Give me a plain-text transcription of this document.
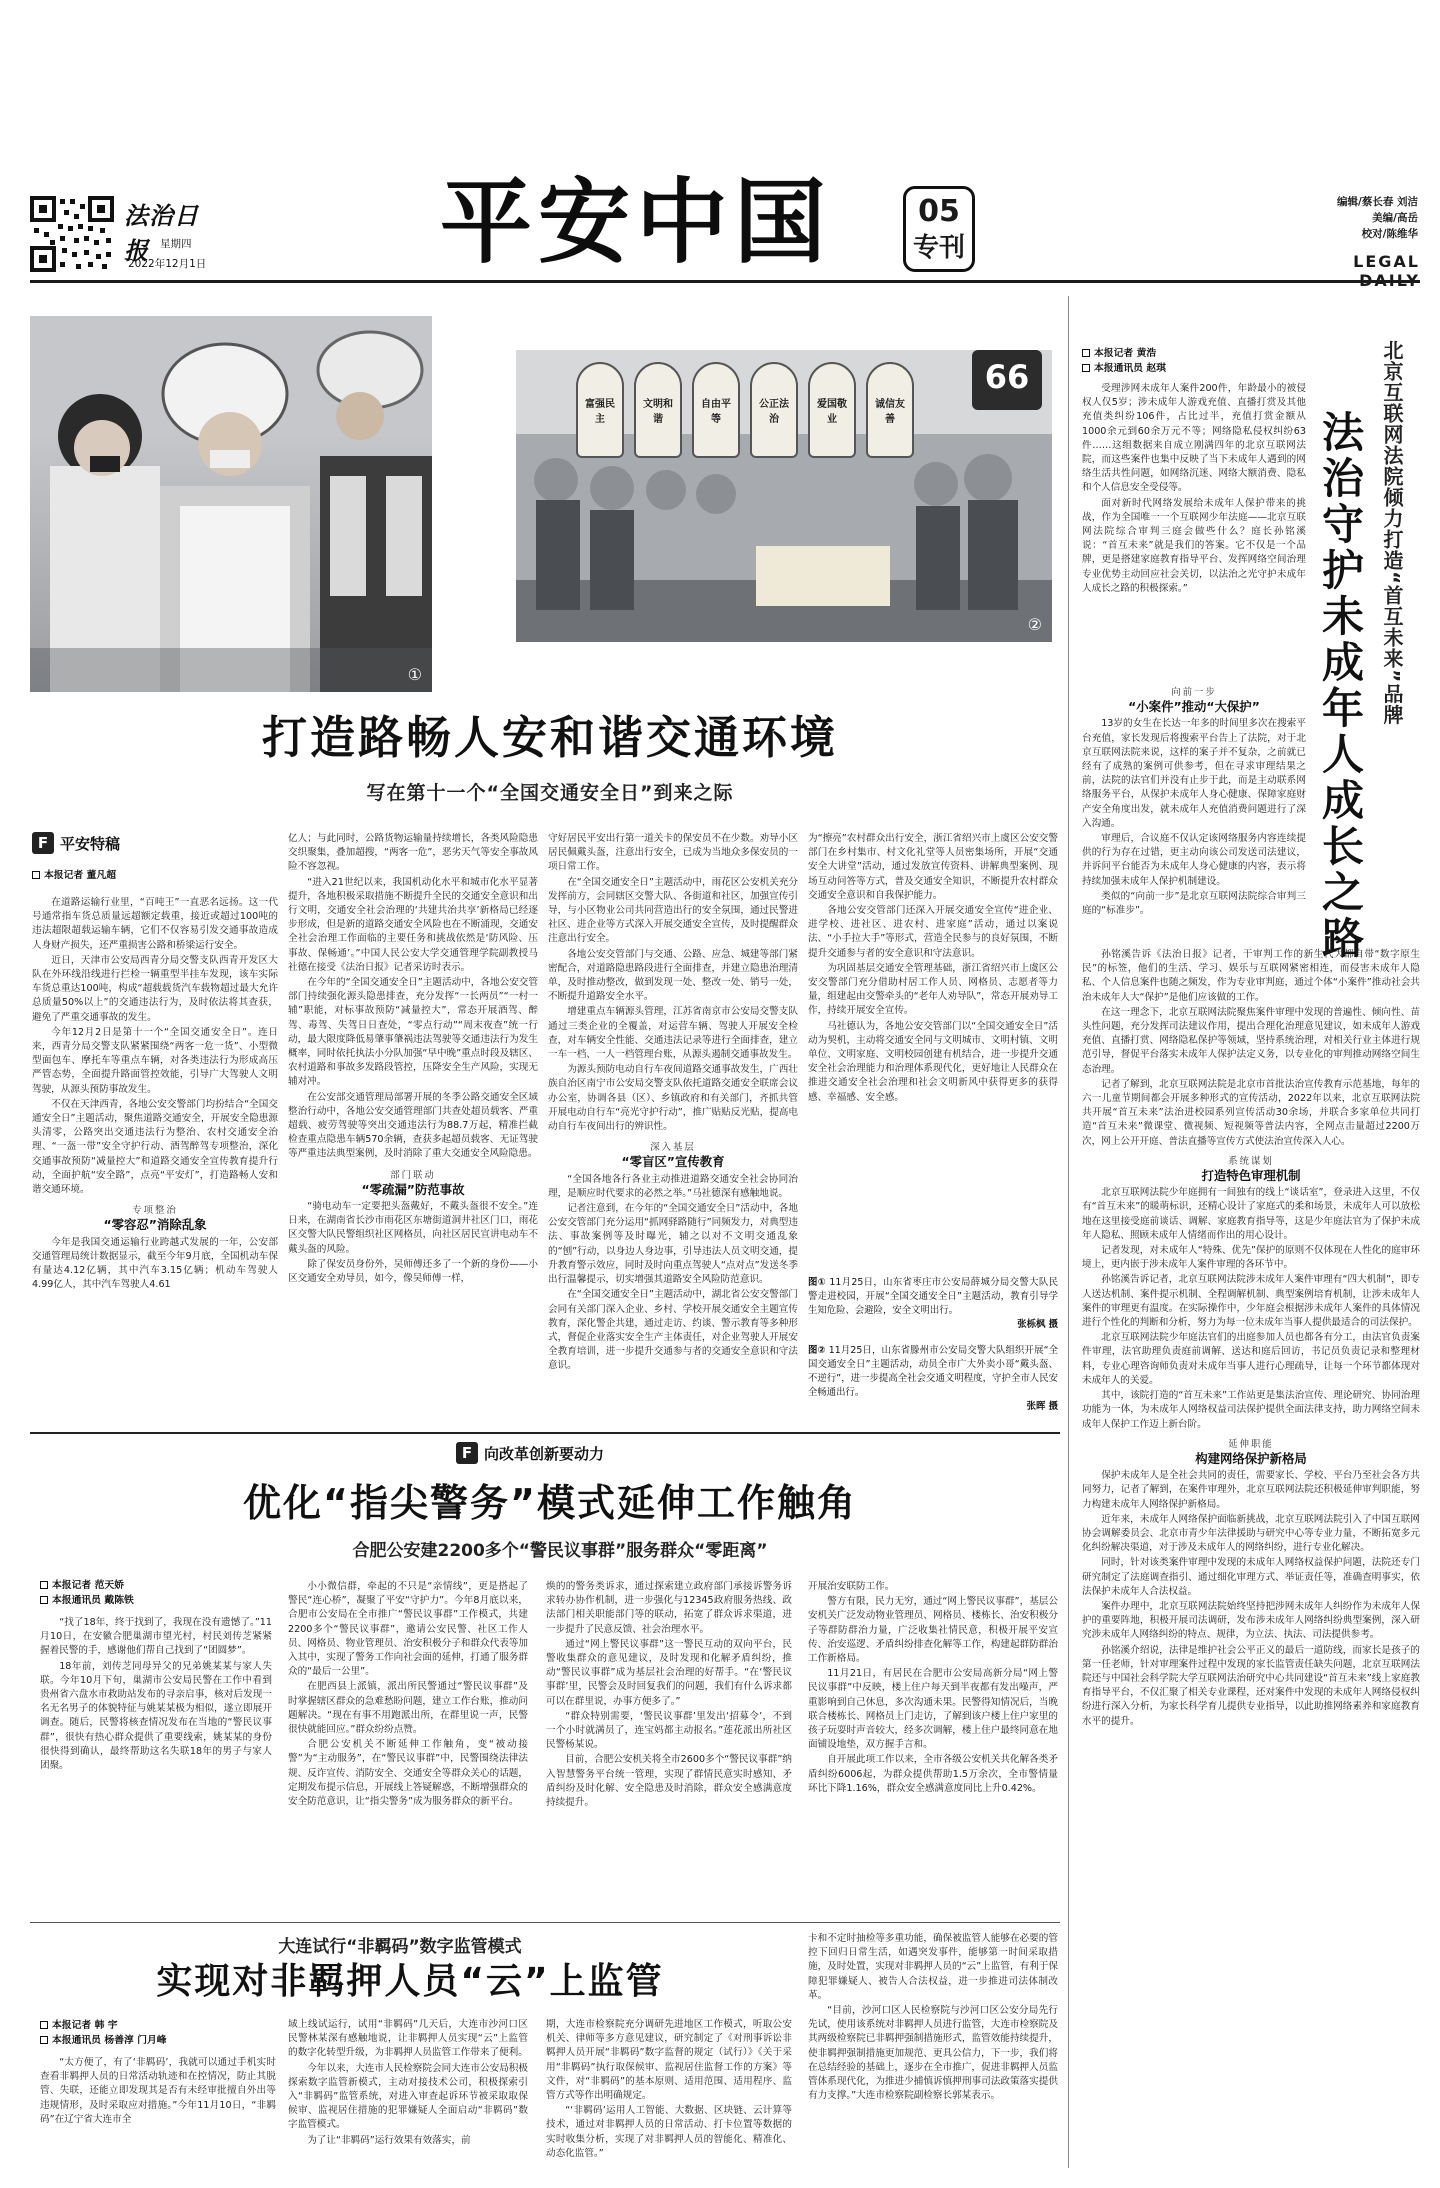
法治日报	星期四
2022年12月1日	平安中国	05
专刊
编辑/蔡长春 刘洁
美编/高岳
校对/陈维华
LEGAL
①
66
富强民主
文明和谐
自由平等
公正法治
爱国敬业
诚信友善
②
打造路畅人安和谐交通环境
写在第十一个“全国交通安全日”到来之际
F 平安特稿
本报记者 董凡超

在道路运输行业里，“百吨王”一直恶名远扬。这一代号通常指车货总质量远超额定载重，接近或超过100吨的违法超限超载运输车辆，它们不仅容易引发交通事故造成人身财产损失，还严重损害公路和桥梁运行安全。

近日，天津市公安局西青分局交警支队西青开发区大队在外环线沿线进行拦检一辆重型半挂车发现，该车实际车货总重达100吨，构成“超载载货汽车载物超过最大允许总质量50%以上”的交通违法行为，及时依法将其查获，避免了严重交通事故的发生。

今年12月2日是第十一个“全国交通安全日”。连日来，西青分局交警支队紧紧围绕“两客一危一货”、小型微型面包车、摩托车等重点车辆，对各类违法行为形成高压严管态势，全面提升路面管控效能，引导广大驾驶人文明驾驶，从源头预防事故发生。

不仅在天津西青，各地公安交警部门均扮结合“全国交通安全日”主题活动，聚焦道路交通安全，开展安全隐患源头清零，公路突出交通违法行为整治、农村交通安全治理、“一盔一带”安全守护行动、酒驾醉驾专项整治，深化交通事故预防“减量控大”和道路交通安全宣传教育提升行动，全面护航“安全路”，点亮“平安灯”，打造路畅人安和谐交通环境。

专项整治
“零容忍”消除乱象

今年是我国交通运输行业跨越式发展的一年，公安部交通管理局统计数据显示，截至今年9月底，全国机动车保有量达4.12亿辆，其中汽车3.15亿辆；机动车驾驶人4.99亿人，其中汽车驾驶人4.61

亿人；与此同时，公路货物运输量持续增长，各类风险隐患交织聚集，叠加超搜，“两客一危”，恶劣天气等安全事故风险不容忽视。

“进入21世纪以来，我国机动化水平和城市化水平显著提升，各地积极采取措施不断提升全民的交通安全意识和出行文明，交通安全社会治理的‘共建共治共享’新格局已经逐步形成，但是新的道路交通安全风险也在不断涌现，交通安全社会治理工作面临的主要任务和挑战依然是‘防风险、压事故、保畅通’。”中国人民公安大学交通管理学院副教授马社德在接受《法治日报》记者采访时表示。

在今年的“全国交通安全日”主题活动中，各地公安交管部门持续强化源头隐患排查，充分发挥“一长两员”“一村一辅”职能，对标事故预防“减量控大”，常态开展酒驾、醉驾、毒驾、失驾日日查处，“零点行动”“周末夜查”统一行动，最大限度降低易肇事肇祸违法驾驶等交通违法行为发生概率，同时依托执法小分队加强“早中晚”重点时段及辖区、农村道路和事故多发路段管控，压降安全生产风险，实现无辅对冲。

在公安部交通管理局部署开展的冬季公路交通安全区域整治行动中，各地公安交通管理部门共查处超员载客、严重超载、疲劳驾驶等突出交通违法行为88.7万起，精准拦截检查重点隐患车辆570余辆，查获多起超员载客、无证驾驶等严重违法典型案例，及时消除了重大交通安全风险隐患。

部门联动
“零疏漏”防范事故

“骑电动车一定要把头盔戴好，不戴头盔很不安全。”连日来，在湖南省长沙市雨花区东塘街道洞井社区门口，雨花区交警大队民警组织社区网格员，向社区居民宣讲电动车不戴头盔的风险。

除了保安员身份外，吴师傅还多了一个新的身份——小区交通安全劝导员，如今，像吴师傅一样，

守好居民平安出行第一道关卡的保安员不在少数。劝导小区居民佩戴头盔，注意出行安全，已成为当地众多保安员的一项日常工作。

在“全国交通安全日”主题活动中，雨花区公安机关充分发挥前方，会同辖区交警大队、各街道和社区，加强宣传引导，与小区物业公司共同营造出行的安全氛围，通过民警进社区、进企业等方式深入开展交通安全宣传，及时提醒群众注意出行安全。

各地公安交管部门与交通、公路、应急、城建等部门紧密配合，对道路隐患路段进行全面排查，并建立隐患治理清单，及时推动整改，做到发现一处、整改一处、销号一处，不断提升道路安全水平。

增建重点车辆源头管理，江苏省南京市公安局交警支队通过三类企业的全覆盖，对运营车辆、驾驶人开展安全检查，对车辆安全性能、交通违法记录等进行全面排查，建立一车一档、一人一档管理台账，从源头遏制交通事故发生。

为源头预防电动自行车夜间道路交通事故发生，广西壮族自治区南宁市公安局交警支队依托道路交通安全联席会议办公室，协调各县（区）、乡镇政府和有关部门，齐抓共管开展电动自行车“亮光守护行动”，推广贴贴反光贴，提高电动自行车夜间出行的辨识性。

深入基层
“零盲区”宣传教育

“全国各地各行各业主动推进道路交通安全社会协同治理，是顺应时代要求的必然之举。”马社德深有感触地说。

记者注意到，在今年的“全国交通安全日”活动中，各地公安交管部门充分运用“抓网驿路随行”同频发力，对典型违法、事故案例等及时曝光，辅之以对不文明交通乱象的“刨”行动，以身边人身边事，引导违法人员文明交通，提升教育警示效应，同时及时向重点驾驶人“点对点”发送冬季出行温馨提示，切实增强其道路安全风险防范意识。

在“全国交通安全日”主题活动中，湖北省公安交警部门会同有关部门深入企业、乡村、学校开展交通安全主题宣传教育，深化警企共建，通过走访、约谈、警示教育等多种形式，督促企业落实安全生产主体责任，对企业驾驶人开展安全教育培训，进一步提升交通参与者的交通安全意识和守法意识。

为“擦亮”农村群众出行安全，浙江省绍兴市上虞区公安交警部门在乡村集市、村文化礼堂等人员密集场所，开展“交通安全大讲堂”活动，通过发放宣传资料、讲解典型案例、现场互动问答等方式，普及交通安全知识，不断提升农村群众交通安全意识和自我保护能力。

各地公安交管部门还深入开展交通安全宣传“进企业、进学校、进社区、进农村、进家庭”活动，通过以案说法、“小手拉大手”等形式，营造全民参与的良好氛围，不断提升交通参与者的安全意识和守法意识。

为巩固基层交通安全管理基础，浙江省绍兴市上虞区公安交警部门充分借助村居工作人员、网格员、志愿者等力量，组建起由交警牵头的“老年人劝导队”，常态开展劝导工作，持续开展安全宣传。

马社德认为，各地公安交管部门以“全国交通安全日”活动为契机，主动将交通安全同与文明城市、文明村镇、文明单位、文明家庭、文明校园创建有机结合，进一步提升交通安全社会治理能力和治理体系现代化，更好地让人民群众在推进交通安全社会治理和社会文明新风中获得更多的获得感、幸福感、安全感。

图① 11月25日，山东省枣庄市公安局薛城分局交警大队民警走进校园，开展“全国交通安全日”主题活动，教育引导学生知危险、会避险，安全文明出行。
张栎枫 摄
图② 11月25日，山东省滕州市公安局交警大队组织开展“全国交通安全日”主题活动，动员全市广大外卖小哥“戴头盔、不逆行”，进一步提高全社会交通文明程度，守护全市人民安全畅通出行。
张晖 摄
本报记者 黄浩
本报通讯员 赵琪	北京互联网法院倾力打造“首互未来”品牌
法治守护未成年人成长之路

受理涉网未成年人案件200件，年龄最小的被侵权人仅5岁；涉未成年人游戏充值、直播打赏及其他充值类纠纷106件，占比过半，充值打赏金额从1000余元到60余万元不等；网络隐私侵权纠纷63件……这组数据来自成立刚满四年的北京互联网法院，而这些案件也集中反映了当下未成年人遇到的网络生活共性问题，如网络沉迷、网络大额消费、隐私和个人信息安全受侵等。

面对新时代网络发展给未成年人保护带来的挑战，作为全国唯一一个互联网少年法庭——北京互联网法院综合审判三庭会做些什么？庭长孙铭溪说：“首互未来”就是我们的答案。它不仅是一个品牌，更是搭建家庭教育指导平台、发挥网络空间治理专业优势主动回应社会关切，以法治之光守护未成年人成长之路的积极探索。”

向前一步
“小案件”推动“大保护”

13岁的女生在长达一年多的时间里多次在搜索平台充值，家长发现后将搜索平台告上了法院，对于北京互联网法院来说，这样的案子并不复杂，之前就已经有了成熟的案例可供参考，但在寻求审理结果之前，法院的法官们并没有止步于此，而是主动联系网络服务平台，从保护未成年人身心健康、保障家庭财产安全角度出发，就未成年人充值消费问题进行了深入沟通。

审理后，合议庭不仅认定该网络服务内容连续提供的行为存在过错，更主动向该公司发送司法建议，并诉问平台能否为未成年人身心健康的内容，表示将持续加强未成年人保护机制建设。

类似的“向前一步”是北京互联网法院综合审判三庭的“标准步”。

孙铭溪告诉《法治日报》记者，干审判工作的新生代大都自带“数字原生民”的标签，他们的生活、学习、娱乐与互联网紧密相连，而侵害未成年人隐私、个人信息案件也随之频发，作为专业审判庭，通过个体“小案件”推动社会共治未成年人大“保护”是他们应该做的工作。

在这一理念下，北京互联网法院聚焦案件审理中发现的普遍性、倾向性、苗头性问题，充分发挥司法建议作用，提出合理化治理意见建议，如未成年人游戏充值、直播打赏、网络隐私保护等领域，坚持系统治理，对相关行业主体进行规范引导，督促平台落实未成年人保护法定义务，以专业化的审判推动网络空间生态治理。

记者了解到，北京互联网法院是北京市首批法治宣传教育示范基地，每年的六一儿童节期间都会开展多种形式的宣传活动，2022年以来，北京互联网法院共开展“首互未来”法治进校园系列宣传活动30余场，并联合多家单位共同打造“首互未来”微课堂、微视频、短视频等普法内容，全网点击量超过2200万次，网上公开开庭、普法直播等宣传方式使法治宣传深入人心。

系统谋划
打造特色审理机制

北京互联网法院少年庭拥有一间独有的线上“谈话室”，登录进入这里，不仅有“首互未来”的暖萌标识，还精心设计了家庭式的柔和场景，未成年人可以放松地在这里接受庭前谈话、调解、家庭教育指导等，这是少年庭法官为了保护未成年人隐私、照顾未成年人情绪而作出的用心设计。

记者发现，对未成年人“特殊、优先”保护的原则不仅体现在人性化的庭审环境上，更内嵌于涉未成年人案件审理的各环节中。

孙铭溪告诉记者，北京互联网法院涉未成年人案件审理有“四大机制”，即专人送达机制、案件提示机制、全程调解机制、典型案例培育机制，让涉未成年人案件的审理更有温度。在实际操作中，少年庭会根据涉未成年人案件的具体情况进行个性化的判断和分析，努力为每一位未成年当事人提供最适合的司法保护。

北京互联网法院少年庭法官们的出庭参加人员也都各有分工，由法官负责案件审理，法官助理负责庭前调解、送达和庭后回访，书记员负责记录和整理材料，专业心理咨询师负责对未成年当事人进行心理疏导，让每一个环节都体现对未成年人的关爱。

其中，该院打造的“首互未来”工作站更是集法治宣传、理论研究、协同治理功能为一体，为未成年人网络权益司法保护提供全面法律支持，助力网络空间未成年人保护工作迈上新台阶。

延伸职能
构建网络保护新格局

保护未成年人是全社会共同的责任，需要家长、学校、平台乃至社会各方共同努力，记者了解到，在案件审理外，北京互联网法院还积极延伸审判职能，努力构建未成年人网络保护新格局。

近年来，未成年人网络保护面临新挑战，北京互联网法院引入了中国互联网协会调解委员会、北京市青少年法律援助与研究中心等专业力量，不断拓宽多元化纠纷解决渠道，对于涉及未成年人的网络纠纷，进行专业化解决。

同时，针对该类案件审理中发现的未成年人网络权益保护问题，法院还专门研究制定了法庭调查指引、通过细化审理方式、举证责任等，准确查明事实，依法保护未成年人合法权益。

案件办理中，北京互联网法院始终坚持把涉网未成年人纠纷作为未成年人保护的重要阵地，积极开展司法调研，发布涉未成年人网络纠纷典型案例，深入研究涉未成年人网络纠纷的特点、规律，为立法、执法、司法提供参考。

孙铭溪介绍说，法律是维护社会公平正义的最后一道防线，而家长是孩子的第一任老师，针对审理案件过程中发现的家长监管责任缺失问题，北京互联网法院还与中国社会科学院大学互联网法治研究中心共同建设“首互未来”线上家庭教育指导平台，不仅汇聚了相关专业课程，还对案件中发现的未成年人网络侵权纠纷进行深入分析，为家长科学育儿提供专业指导，以此助推网络素养和家庭教育水平的提升。

F 向改革创新要动力
优化“指尖警务”模式延伸工作触角
合肥公安建2200多个“警民议事群”服务群众“零距离”
本报记者 范天娇
本报通讯员 戴陈铁

“找了18年，终于找到了，我现在没有遗憾了。”11月10日，在安徽合肥巢湖市望光村，村民刘传芝紧紧握着民警的手，感谢他们帮自己找到了“团圆梦”。

18年前，刘传芝同母异父的兄弟姚某某与家人失联。今年10月下旬，巢湖市公安局民警在工作中看到贵州省六盘水市救助站发布的寻亲启事，核对后发现一名无名男子的体貌特征与姚某某极为相似，遂立即展开调查。随后，民警将核查情况发布在当地的“警民议事群”，很快有热心群众提供了重要线索，姚某某的身份很快得到确认，最终帮助这名失联18年的男子与家人团聚。

小小微信群，牵起的不只是“亲情线”，更是搭起了警民“连心桥”，凝聚了平安“守护力”。今年8月底以来，合肥市公安局在全市推广“警民议事群”工作模式，共建2200多个“警民议事群”，邀请公安民警、社区工作人员、网格员、物业管理员、治安积极分子和群众代表等加入其中，实现了警务工作向社会面的延伸，打通了服务群众的“最后一公里”。

在肥西县上派镇，派出所民警通过“警民议事群”及时掌握辖区群众的急难愁盼问题，建立工作台账，推动问题解决。“现在有事不用跑派出所，在群里说一声，民警很快就能回应。”群众纷纷点赞。

合肥公安机关不断延伸工作触角，变“被动接警”为“主动服务”，在“警民议事群”中，民警围绕法律法规、反诈宣传、消防安全、交通安全等群众关心的话题，定期发布提示信息，开展线上答疑解惑，不断增强群众的安全防范意识，让“指尖警务”成为服务群众的新平台。

焕的的警务类诉求，通过探索建立政府部门承接诉警务诉求转办协作机制，进一步强化与12345政府服务热线、政法部门相关职能部门等的联动，拓宽了群众诉求渠道，进一步提升了民意反馈、社会治理水平。

通过“网上警民议事群”这一警民互动的双向平台，民警收集群众的意见建议，及时发现和化解矛盾纠纷，推动“警民议事群”成为基层社会治理的好帮手。“在‘警民议事群’里，民警会及时回复我们的问题，我们有什么诉求都可以在群里说，办事方便多了。”

“群众特别需要，‘警民议事群’里发出‘招募令’，不到一个小时就满员了，连宝妈都主动报名。”莲花派出所社区民警杨某说。

目前，合肥公安机关将全市2600多个“警民议事群”纳入智慧警务平台统一管理，实现了群情民意实时感知、矛盾纠纷及时化解、安全隐患及时消除，群众安全感满意度持续提升。

开展治安联防工作。

警方有限，民力无穷，通过“网上警民议事群”，基层公安机关广泛发动物业管理员、网格员、楼栋长、治安积极分子等群防群治力量，广泛收集社情民意，积极开展平安宣传、治安巡逻、矛盾纠纷排查化解等工作，构建起群防群治工作新格局。

11月21日，有居民在合肥市公安局高新分局“网上警民议事群”中反映，楼上住户每天到半夜都有发出噪声，严重影响到自己休息，多次沟通未果。民警得知情况后，当晚联合楼栋长、网格员上门走访，了解到该户楼上住户家里的孩子玩耍时声音较大，经多次调解，楼上住户最终同意在地面铺设地垫，双方握手言和。

自开展此项工作以来，全市各级公安机关共化解各类矛盾纠纷6006起，为群众提供帮助1.5万余次，全市警情量环比下降1.16%，群众安全感满意度同比上升0.42%。

大连试行“非羁码”数字监管模式
实现对非羁押人员“云”上监管
本报记者 韩 宇
本报通讯员 杨善淳 门月峰

“太方便了，有了‘非羁码’，我就可以通过手机实时查看非羁押人员的日常活动轨迹和在控情况，防止其脱管、失联，还能立即发现其是否有未经审批擅自外出等违规情形，及时采取应对措施。”今年11月10日，“非羁码”在辽宁省大连市全

域上线试运行，试用“非羁码”几天后，大连市沙河口区民警林某深有感触地说，让非羁押人员实现“云”上监管的数字化转型升级，为非羁押人员监管工作带来了便利。

今年以来，大连市人民检察院会同大连市公安局积极探索数字监管新模式，主动对接技术公司，积极探索引入“非羁码”监管系统，对进入审查起诉环节被采取取保候审、监视居住措施的犯罪嫌疑人全面启动“非羁码”数字监管模式。

为了让“非羁码”运行效果有效落实，前

期，大连市检察院充分调研先进地区工作模式，听取公安机关、律师等多方意见建议，研究制定了《对刑事诉讼非羁押人员开展“非羁码”数字监督的规定（试行）》《关于采用“非羁码”执行取保候审、监视居住监督工作的方案》等文件，对“非羁码”的基本原则、适用范围、适用程序、监管方式等作出明确规定。

“‘非羁码’运用人工智能、大数据、区块链、云计算等技术，通过对非羁押人员的日常活动、打卡位置等数据的实时收集分析，实现了对非羁押人员的智能化、精准化、动态化监管。”

卡和不定时抽检等多重功能，确保被监管人能够在必要的管控下回归日常生活，如遇突发事件，能够第一时间采取措施，及时处置，实现对非羁押人员的“云”上监管，有利于保障犯罪嫌疑人、被告人合法权益，进一步推进司法体制改革。

“目前，沙河口区人民检察院与沙河口区公安分局先行先试，使用该系统对非羁押人员进行监管，大连市检察院及其两级检察院已非羁押强制措施形式，监管效能持续提升，使非羁押强制措施更加规范、更具公信力，下一步，我们将在总结经验的基础上，逐步在全市推广，促进非羁押人员监管体系现代化，为推进少捕慎诉慎押刑事司法政策落实提供有力支撑。”大连市检察院副检察长郭某表示。
